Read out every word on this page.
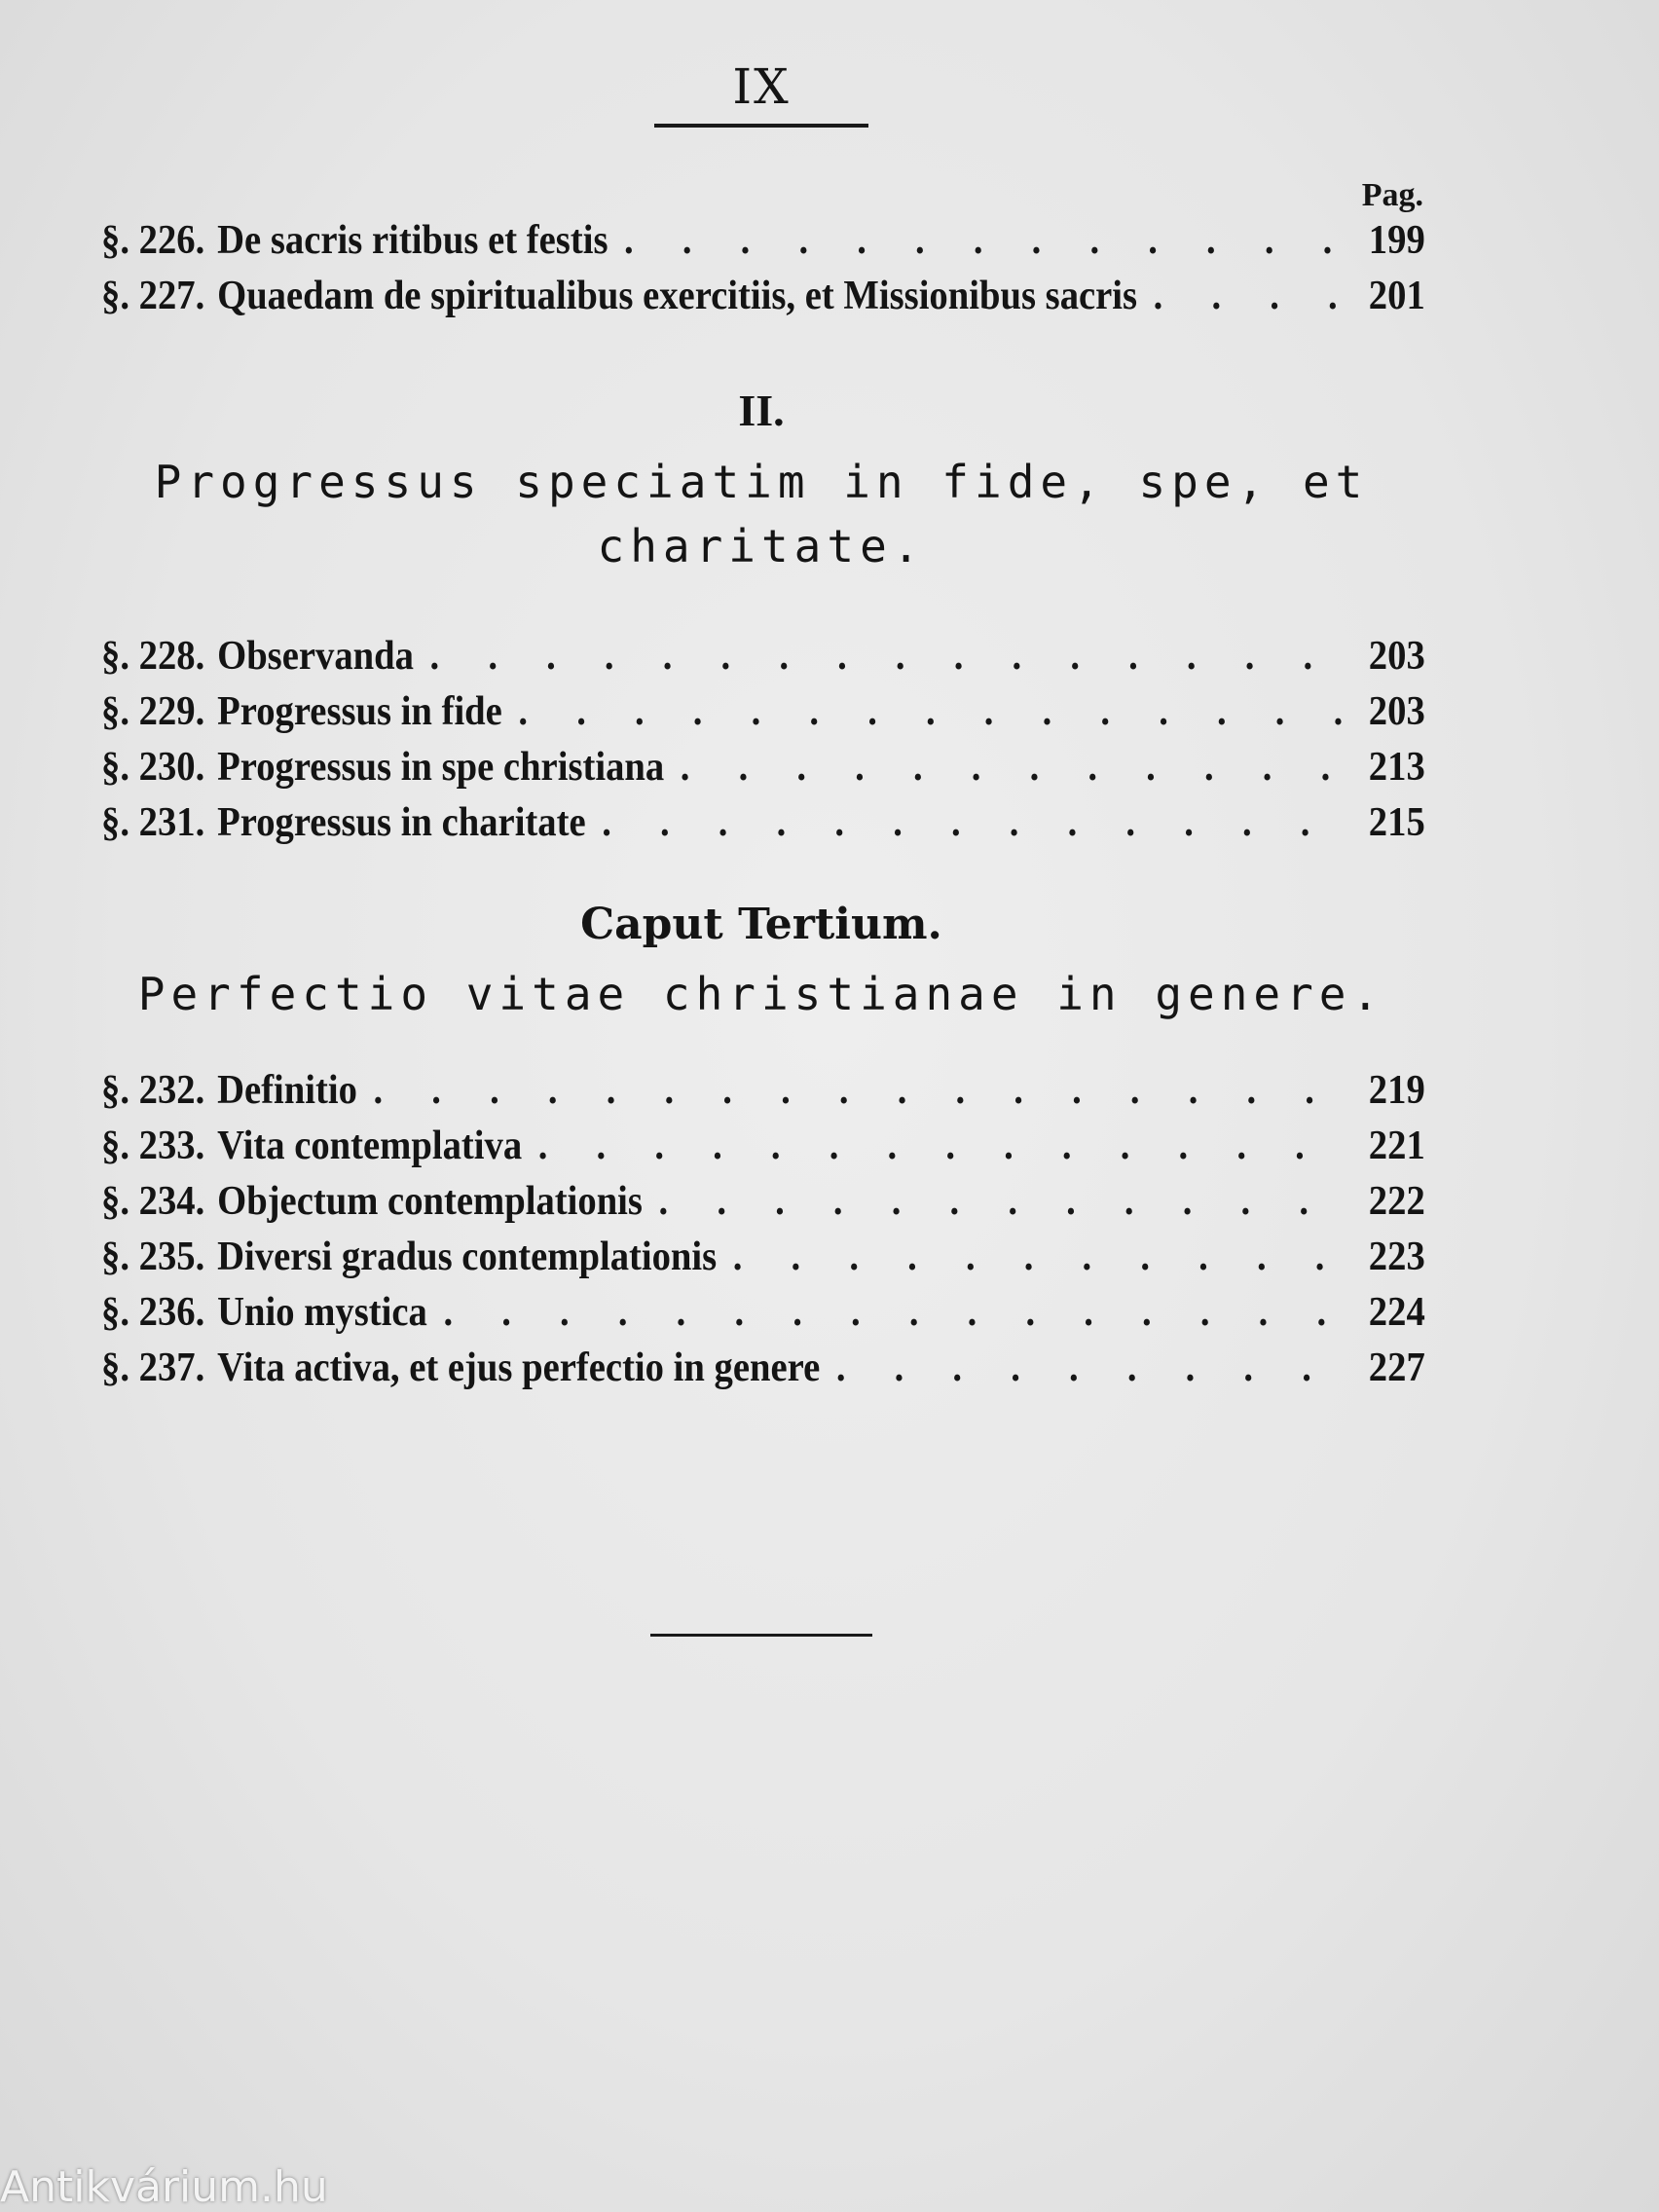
IX
Pag.
§. 226. De sacris ritibus et festis . . .	199
§. 227. Quaedam de spiritualibus exercitiis, et Missionibus sacris . . .	201
II.
Progressus speciatim in fide, spe, et
charitate.
§. 228. Observanda . . .	203
§. 229. Progressus in fide . . .	203
§. 230. Progressus in spe christiana . . .	213
§. 231. Progressus in charitate . . .	215
Caput Tertium.
Perfectio vitae christianae in genere.
§. 232. Definitio . . .	219
§. 233. Vita contemplativa . . .	221
§. 234. Objectum contemplationis . . .	222
§. 235. Diversi gradus contemplationis . . .	223
§. 236. Unio mystica . . .	224
§. 237. Vita activa, et ejus perfectio in genere . . .	227
Antikvárium.hu
